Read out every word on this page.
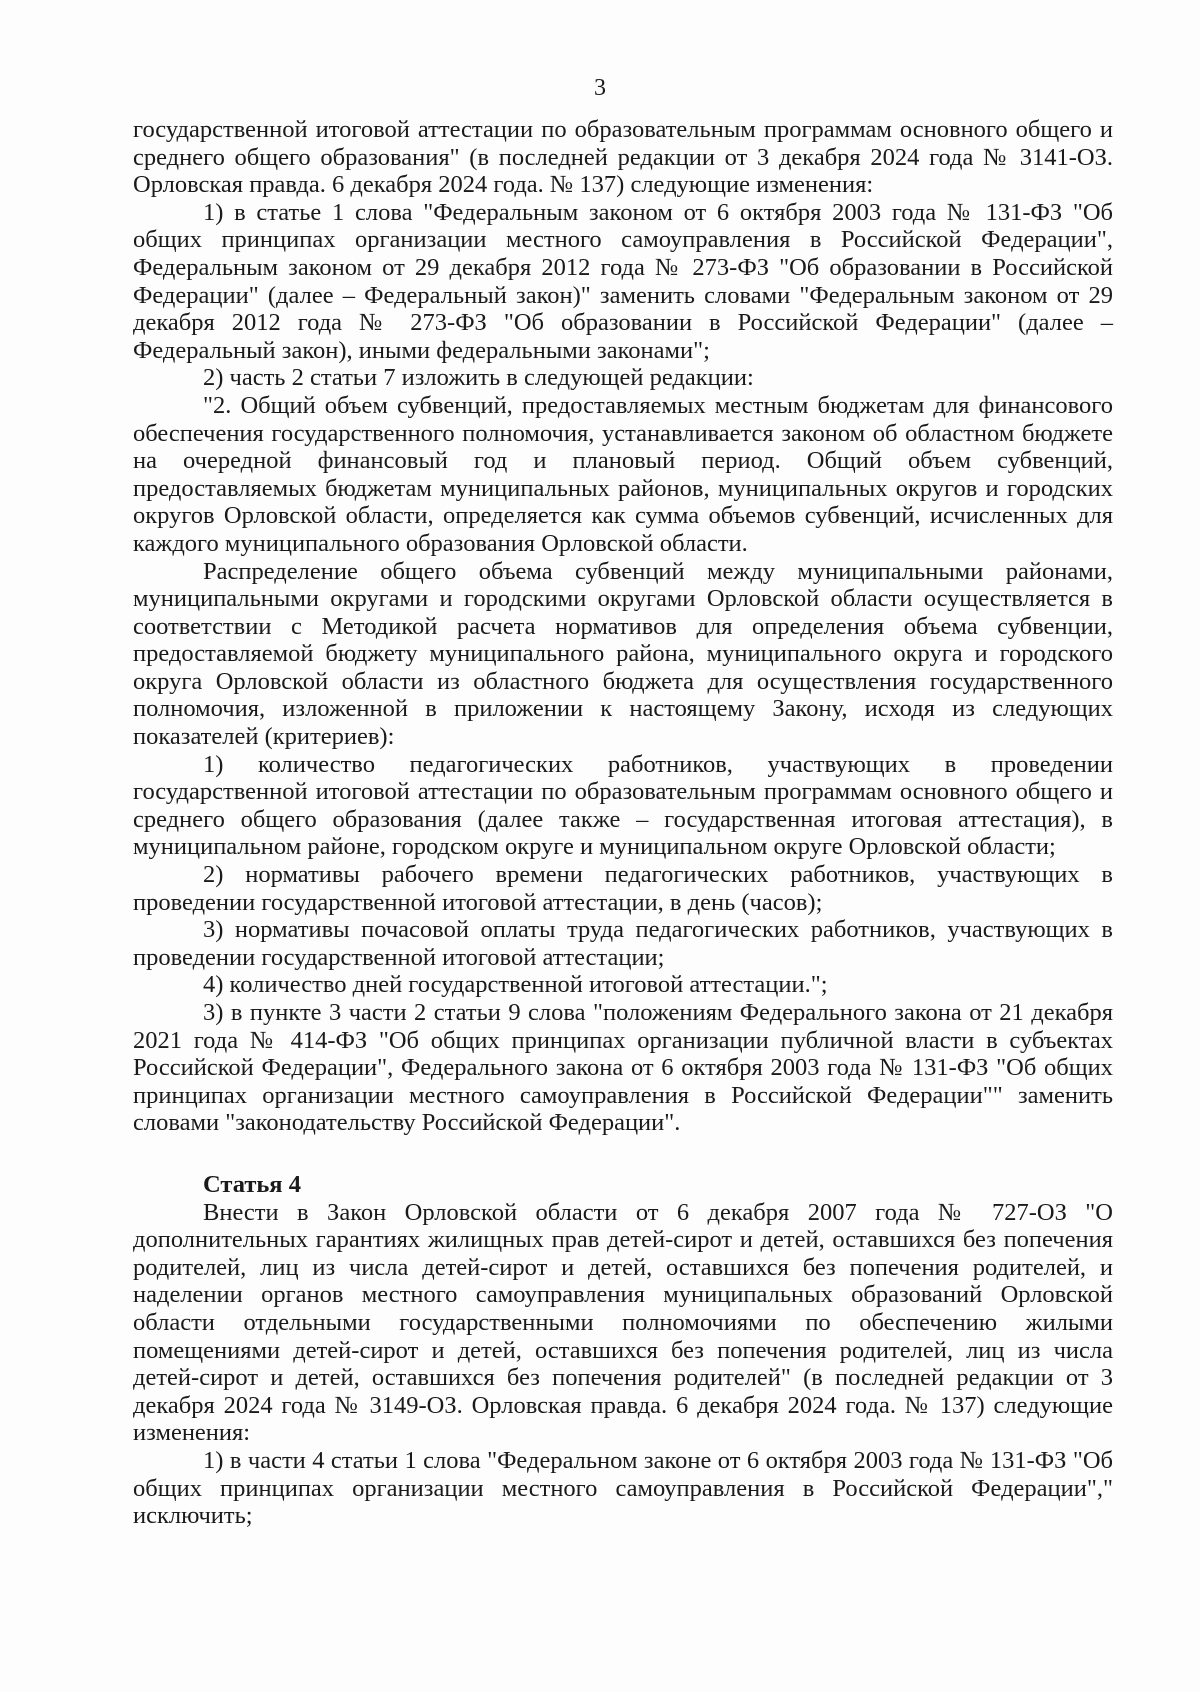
3

государственной итоговой аттестации по образовательным программам основного общего и среднего общего образования" (в последней редакции от 3 декабря 2024 года № 3141-ОЗ. Орловская правда. 6 декабря 2024 года. № 137) следующие изменения:

1) в статье 1 слова "Федеральным законом от 6 октября 2003 года № 131-ФЗ "Об общих принципах организации местного самоуправления в Российской Федерации", Федеральным законом от 29 декабря 2012 года № 273-ФЗ "Об образовании в Российской Федерации" (далее – Федеральный закон)" заменить словами "Федеральным законом от 29 декабря 2012 года № 273-ФЗ "Об образовании в Российской Федерации" (далее – Федеральный закон), иными федеральными законами";

2) часть 2 статьи 7 изложить в следующей редакции:

"2. Общий объем субвенций, предоставляемых местным бюджетам для финансового обеспечения государственного полномочия, устанавливается законом об областном бюджете на очередной финансовый год и плановый период. Общий объем субвенций, предоставляемых бюджетам муниципальных районов, муниципальных округов и городских округов Орловской области, определяется как сумма объемов субвенций, исчисленных для каждого муниципального образования Орловской области.

Распределение общего объема субвенций между муниципальными районами, муниципальными округами и городскими округами Орловской области осуществляется в соответствии с Методикой расчета нормативов для определения объема субвенции, предоставляемой бюджету муниципального района, муниципального округа и городского округа Орловской области из областного бюджета для осуществления государственного полномочия, изложенной в приложении к настоящему Закону, исходя из следующих показателей (критериев):

1) количество педагогических работников, участвующих в проведении государственной итоговой аттестации по образовательным программам основного общего и среднего общего образования (далее также – государственная итоговая аттестация), в муниципальном районе, городском округе и муниципальном округе Орловской области;

2) нормативы рабочего времени педагогических работников, участвующих в проведении государственной итоговой аттестации, в день (часов);

3) нормативы почасовой оплаты труда педагогических работников, участвующих в проведении государственной итоговой аттестации;

4) количество дней государственной итоговой аттестации.";

3) в пункте 3 части 2 статьи 9 слова "положениям Федерального закона от 21 декабря 2021 года № 414-ФЗ "Об общих принципах организации публичной власти в субъектах Российской Федерации", Федерального закона от 6 октября 2003 года № 131-ФЗ "Об общих принципах организации местного самоуправления в Российской Федерации"" заменить словами "законодательству Российской Федерации".

Статья 4

Внести в Закон Орловской области от 6 декабря 2007 года № 727-ОЗ "О дополнительных гарантиях жилищных прав детей-сирот и детей, оставшихся без попечения родителей, лиц из числа детей-сирот и детей, оставшихся без попечения родителей, и наделении органов местного самоуправления муниципальных образований Орловской области отдельными государственными полномочиями по обеспечению жилыми помещениями детей-сирот и детей, оставшихся без попечения родителей, лиц из числа детей-сирот и детей, оставшихся без попечения родителей" (в последней редакции от 3 декабря 2024 года № 3149-ОЗ. Орловская правда. 6 декабря 2024 года. № 137) следующие изменения:

1) в части 4 статьи 1 слова "Федеральном законе от 6 октября 2003 года № 131-ФЗ "Об общих принципах организации местного самоуправления в Российской Федерации"," исключить;
